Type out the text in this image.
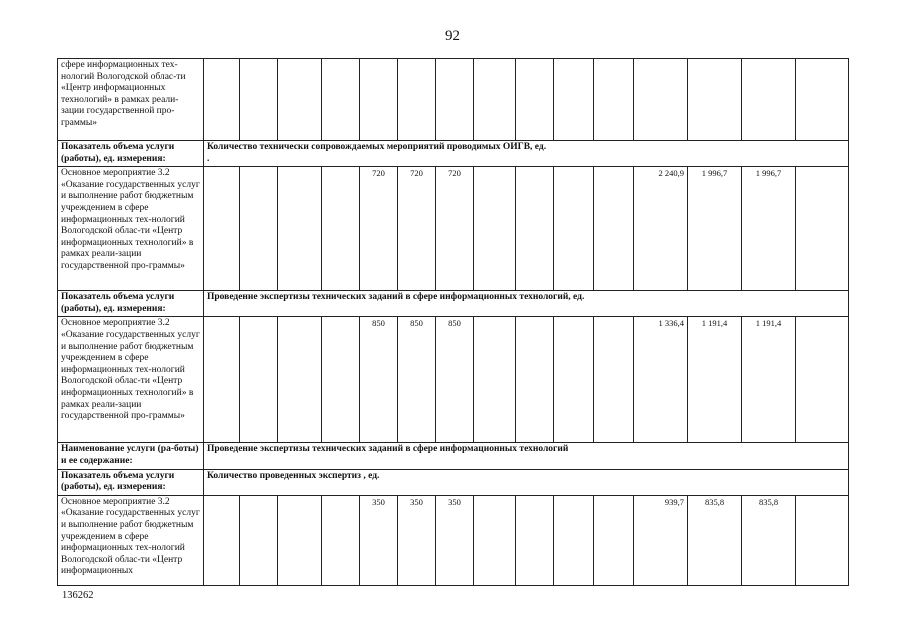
92
сфере информационных тех-нологий Вологодской облас-ти «Центр информационных технологий» в рамках реали-зации государственной про-граммы»															
Показатель объема услуги (работы), ед. измерения:	Количество технически сопровождаемых мероприятий проводимых ОИГВ, ед.
.														

Основное мероприятие 3.2 «Оказание государственных услуг и выполнение работ бюджетным учреждением в сфере информационных тех-нологий Вологодской облас-ти «Центр информационных технологий» в рамках реали-зации государственной про-граммы»					720	720	720					2 240,9	1 996,7	1 996,7	
Показатель объема услуги (работы), ед. измерения:	Проведение экспертизы технических заданий в сфере информационных технологий, ед.														
Основное мероприятие 3.2 «Оказание государственных услуг и выполнение работ бюджетным учреждением в сфере информационных тех-нологий Вологодской облас-ти «Центр информационных технологий» в рамках реали-зации государственной про-граммы»					850	850	850					1 336,4	1 191,4	1 191,4	
Наименование услуги (ра-боты) и ее содержание:	Проведение экспертизы технических заданий в сфере информационных технологий														
Показатель объема услуги (работы), ед. измерения:	Количество проведенных экспертиз , ед.														
Основное мероприятие 3.2 «Оказание государственных услуг и выполнение работ бюджетным учреждением в сфере информационных тех-нологий Вологодской облас-ти «Центр информационных					350	350	350					939,7	835,8	835,8	
136262
